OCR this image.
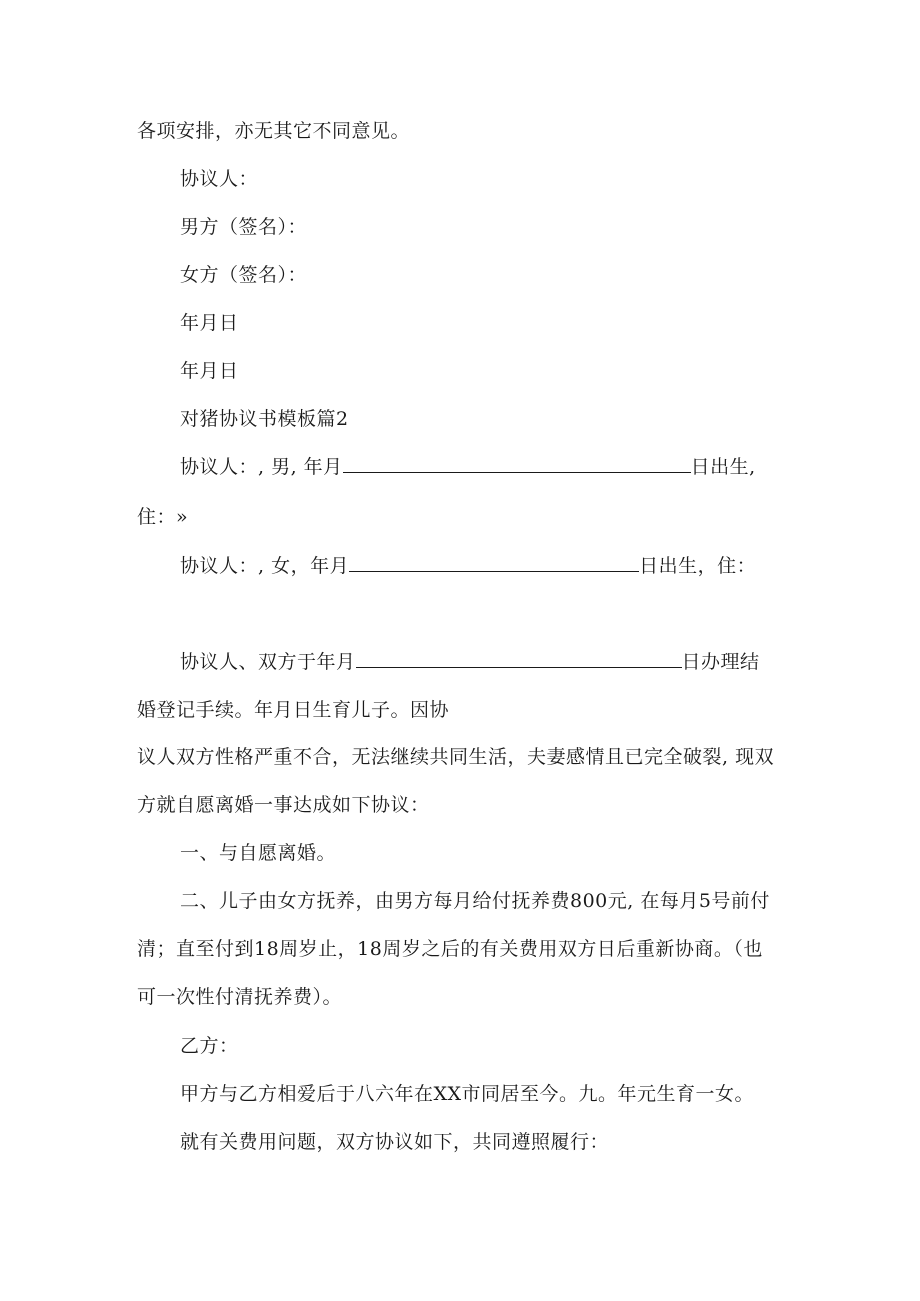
各项安排，亦无其它不同意见。
协议人：
男方（签名）：
女方（签名）：
年月日
年月日
对猪协议书模板篇2
协议人：, 男, 年月	日出生,
住：»
协议人：, 女，年月	日出生，住：
协议人、双方于年月	日办理结
婚登记手续。年月日生育儿子。因协
议人双方性格严重不合，无法继续共同生活，夫妻感情且已完全破裂, 现双
方就自愿离婚一事达成如下协议：
一、与自愿离婚。
二、儿子由女方抚养，由男方每月给付抚养费800元, 在每月5号前付
清；直至付到18周岁止，18周岁之后的有关费用双方日后重新协商。（也
可一次性付清抚养费）。
乙方：
甲方与乙方相爱后于八六年在XX市同居至今。九。年元生育一女。
就有关费用问题，双方协议如下，共同遵照履行：
